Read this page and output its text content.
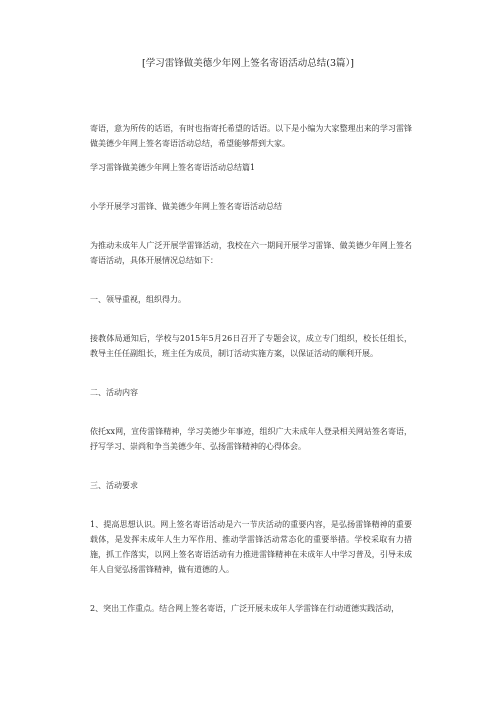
[学习雷锋做美德少年网上签名寄语活动总结(3篇）]
寄语，意为所传的话语，有时也指寄托希望的话语。以下是小编为大家整理出来的学习雷锋做美德少年网上签名寄语活动总结，希望能够帮到大家。
学习雷锋做美德少年网上签名寄语活动总结篇1
小学开展学习雷锋、做美德少年网上签名寄语活动总结
为推动未成年人广泛开展学雷锋活动，我校在六一期间开展学习雷锋、做美德少年网上签名寄语活动，具体开展情况总结如下：
一、领导重视，组织得力。
接教体局通知后，学校与2015年5月26日召开了专题会议，成立专门组织，校长任组长，教导主任任副组长，班主任为成员，制订活动实施方案，以保证活动的顺利开展。
二、活动内容
依托xx网，宣传雷锋精神，学习美德少年事迹，组织广大未成年人登录相关网站签名寄语，抒写学习、崇尚和争当美德少年、弘扬雷锋精神的心得体会。
三、活动要求
1、提高思想认识。网上签名寄语活动是六一节庆活动的重要内容，是弘扬雷锋精神的重要载体，是发挥未成年人生力军作用、推动学雷锋活动常态化的重要举措。学校采取有力措施，抓工作落实，以网上签名寄语活动有力推进雷锋精神在未成年人中学习普及，引导未成年人自觉弘扬雷锋精神，做有道德的人。
2、突出工作重点。结合网上签名寄语，广泛开展未成年人学雷锋在行动道德实践活动，
